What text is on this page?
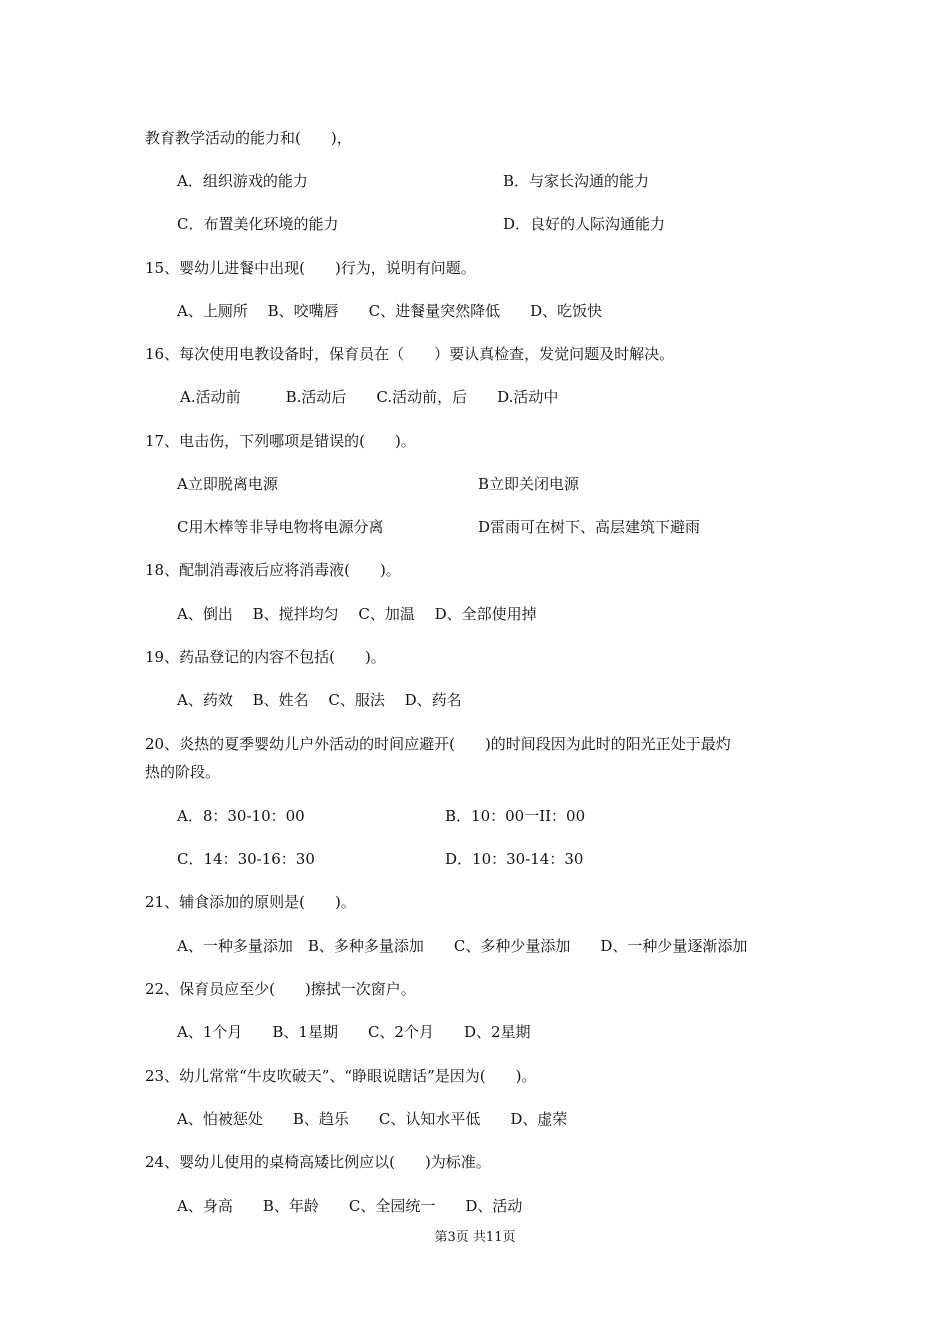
教育教学活动的能力和(　　)，
A．组织游戏的能力	B．与家长沟通的能力
C．布置美化环境的能力	D．良好的人际沟通能力
15、婴幼儿进餐中出现(　　)行为，说明有问题。
A、上厕所　 B、咬嘴唇　　C、进餐量突然降低　　D、吃饭快
16、每次使用电教设备时，保育员在（　　）要认真检查，发觉问题及时解决。
A.活动前　　　B.活动后　　C.活动前，后　　D.活动中
17、电击伤，下列哪项是错误的(　　)。
A立即脱离电源	B立即关闭电源
C用木棒等非导电物将电源分离	D雷雨可在树下、高层建筑下避雨
18、配制消毒液后应将消毒液(　　)。
A、倒出　 B、搅拌均匀　 C、加温　 D、全部使用掉
19、药品登记的内容不包括(　　)。
A、药效　 B、姓名　 C、服法　 D、药名
20、炎热的夏季婴幼儿户外活动的时间应避开(　　)的时间段因为此时的阳光正处于最灼
热的阶段。
A．8：30-10：00	B．10：00一II：00
C．14：30-16：30	D．10：30-14：30
21、辅食添加的原则是(　　)。
A、一种多量添加　B、多种多量添加　　C、多种少量添加　　D、一种少量逐渐添加
22、保育员应至少(　　)擦拭一次窗户。
A、1个月　　B、1星期　　C、2个月　　D、2星期
23、幼儿常常“牛皮吹破天”、“睁眼说瞎话”是因为(　　)。
A、怕被惩处　　B、趋乐　　C、认知水平低　　D、虚荣
24、婴幼儿使用的桌椅高矮比例应以(　　)为标准。
A、身高　　B、年龄　　C、全园统一　　D、活动
第3页 共11页
